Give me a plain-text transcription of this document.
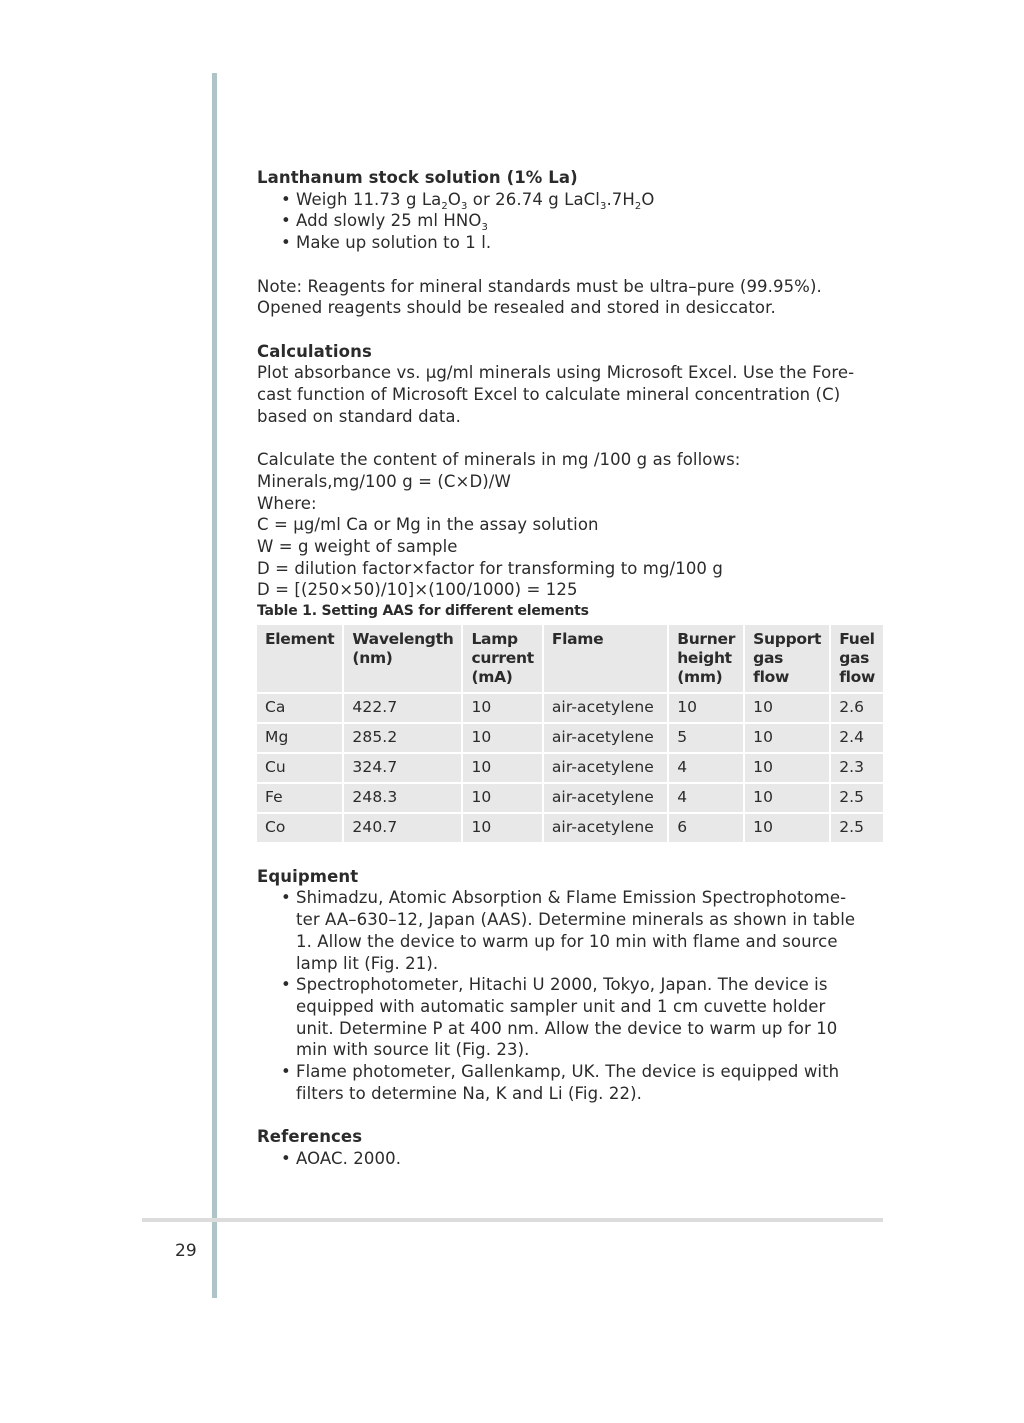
29

Lanthanum stock solution (1% La)

• Weigh 11.73 g $La_2O_3$ or 26.74 g $LaCl_3.7H_2O$
• Add slowly 25 ml $HNO_3$
• Make up solution to 1 l.

Note: Reagents for mineral standards must be ultra–pure (99.95%).

Opened reagents should be resealed and stored in desiccator.

Calculations

Plot absorbance vs. µg/ml minerals using Microsoft Excel. Use the Fore-

cast function of Microsoft Excel to calculate mineral concentration (C)

based on standard data.

Calculate the content of minerals in mg /100 g as follows:

Minerals,mg/100 g = (C×D)/W

Where:

C = µg/ml Ca or Mg in the assay solution

W = g weight of sample

D = dilution factor×factor for transforming to mg/100 g

D = [(250×50)/10]×(100/1000) = 125

Table 1. Setting AAS for different elements

Element	Wavelength (nm)	Lamp current (mA)	Flame	Burner height (mm)	Support gas flow	Fuel gas flow
Ca	422.7	10	air-acetylene	10	10	2.6
Mg	285.2	10	air-acetylene	5	10	2.4
Cu	324.7	10	air-acetylene	4	10	2.3
Fe	248.3	10	air-acetylene	4	10	2.5
Co	240.7	10	air-acetylene	6	10	2.5

Equipment

• Shimadzu, Atomic Absorption & Flame Emission Spectrophotome-
ter AA–630–12, Japan (AAS). Determine minerals as shown in table
1. Allow the device to warm up for 10 min with flame and source
lamp lit (Fig. 21).
• Spectrophotometer, Hitachi U 2000, Tokyo, Japan. The device is
equipped with automatic sampler unit and 1 cm cuvette holder
unit. Determine P at 400 nm. Allow the device to warm up for 10
min with source lit (Fig. 23).
• Flame photometer, Gallenkamp, UK. The device is equipped with
filters to determine Na, K and Li (Fig. 22).

References

• AOAC. 2000.
